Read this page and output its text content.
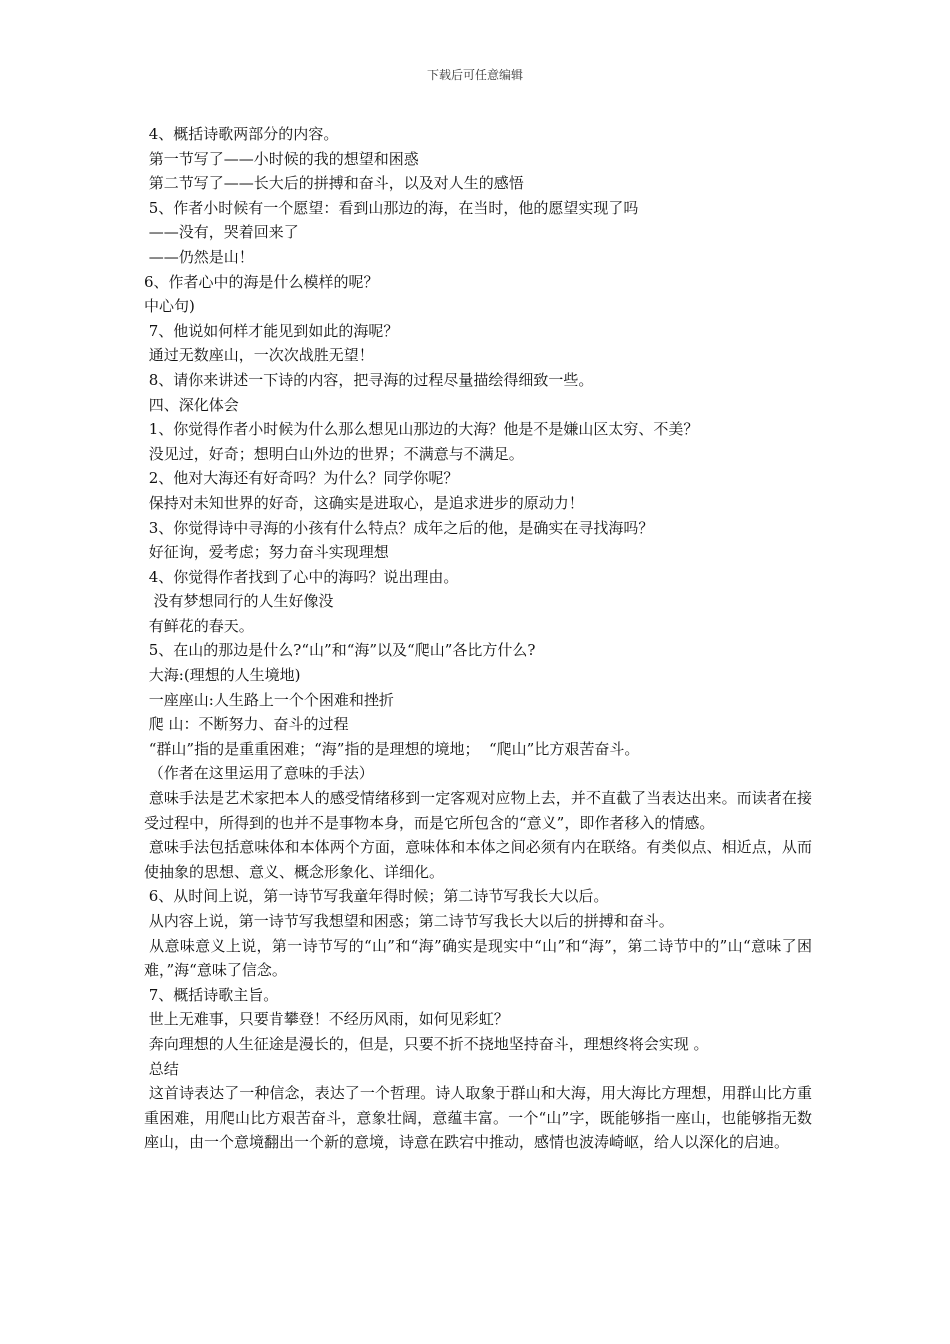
下载后可任意编辑
4、概括诗歌两部分的内容。
第一节写了——小时候的我的想望和困惑
第二节写了——长大后的拼搏和奋斗，以及对人生的感悟
5、作者小时候有一个愿望：看到山那边的海，在当时，他的愿望实现了吗
——没有，哭着回来了
——仍然是山！
6、作者心中的海是什么模样的呢？
中心句)
7、他说如何样才能见到如此的海呢？
通过无数座山，一次次战胜无望！
8、请你来讲述一下诗的内容，把寻海的过程尽量描绘得细致一些。
四、深化体会
1、你觉得作者小时候为什么那么想见山那边的大海？他是不是嫌山区太穷、不美？
没见过，好奇；想明白山外边的世界；不满意与不满足。
2、他对大海还有好奇吗？为什么？同学你呢？
保持对未知世界的好奇，这确实是进取心，是追求进步的原动力！
3、你觉得诗中寻海的小孩有什么特点？成年之后的他，是确实在寻找海吗？
好征询，爱考虑；努力奋斗实现理想
4、你觉得作者找到了心中的海吗？说出理由。
没有梦想同行的人生好像没
有鲜花的春天。
5、在山的那边是什么?“山”和“海”以及“爬山”各比方什么?
大海:(理想的人生境地)
一座座山:人生路上一个个困难和挫折
爬 山：不断努力、奋斗的过程
“群山”指的是重重困难；“海”指的是理想的境地；  “爬山”比方艰苦奋斗。
（作者在这里运用了意味的手法）
意味手法是艺术家把本人的感受情绪移到一定客观对应物上去，并不直截了当表达出来。而读者在接受过程中，所得到的也并不是事物本身，而是它所包含的“意义”，即作者移入的情感。
意味手法包括意味体和本体两个方面，意味体和本体之间必须有内在联络。有类似点、相近点，从而使抽象的思想、意义、概念形象化、详细化。
6、从时间上说，第一诗节写我童年得时候；第二诗节写我长大以后。
从内容上说，第一诗节写我想望和困惑；第二诗节写我长大以后的拼搏和奋斗。
从意味意义上说，第一诗节写的“山”和“海”确实是现实中“山”和“海”，第二诗节中的”山“意味了困难，”海“意味了信念。
7、概括诗歌主旨。
世上无难事，只要肯攀登！不经历风雨，如何见彩虹？
奔向理想的人生征途是漫长的，但是，只要不折不挠地坚持奋斗，理想终将会实现 。
总结
这首诗表达了一种信念，表达了一个哲理。诗人取象于群山和大海，用大海比方理想，用群山比方重重困难，用爬山比方艰苦奋斗，意象壮阔，意蕴丰富。一个“山”字，既能够指一座山，也能够指无数座山，由一个意境翻出一个新的意境，诗意在跌宕中推动，感情也波涛崎岖，给人以深化的启迪。
